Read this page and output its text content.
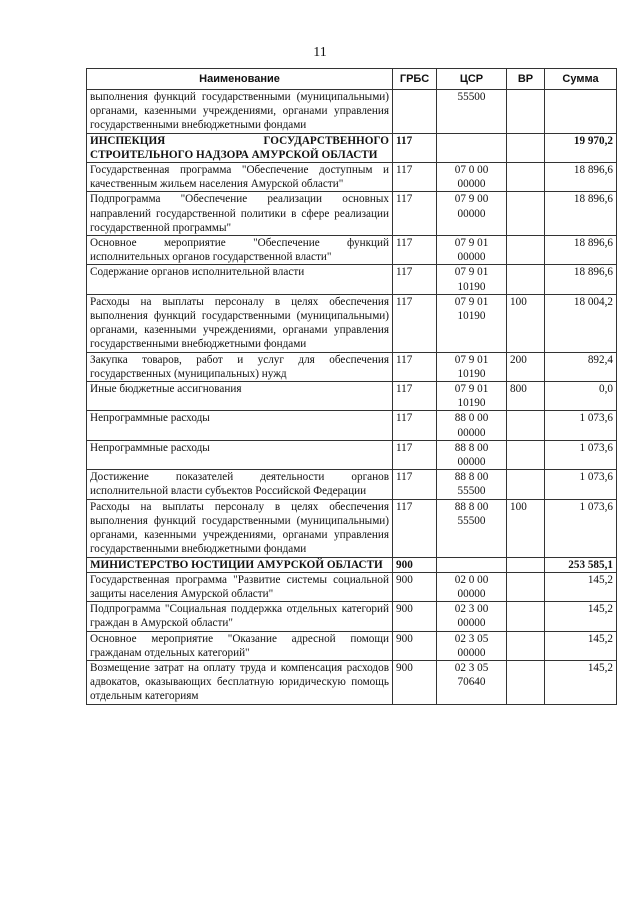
11
Наименование	ГРБС	ЦСР	ВР	Сумма
выполнения функций государственными (муниципальными) органами, казенными учреждениями, органами управления государственными внебюджетными фондами		55500		
ИНСПЕКЦИЯ ГОСУДАРСТВЕННОГО СТРОИТЕЛЬНОГО НАДЗОРА АМУРСКОЙ ОБЛАСТИ	117			19 970,2
Государственная программа "Обеспечение доступным и качественным жильем населения Амурской области"	117	07 0 00 00000		18 896,6
Подпрограмма "Обеспечение реализации основных направлений государственной политики в сфере реализации государственной программы"	117	07 9 00 00000		18 896,6
Основное мероприятие "Обеспечение функций исполнительных органов государственной власти"	117	07 9 01 00000		18 896,6
Содержание органов исполнительной власти	117	07 9 01 10190		18 896,6
Расходы на выплаты персоналу в целях обеспечения выполнения функций государственными (муниципальными) органами, казенными учреждениями, органами управления государственными внебюджетными фондами	117	07 9 01 10190	100	18 004,2
Закупка товаров, работ и услуг для обеспечения государственных (муниципальных) нужд	117	07 9 01 10190	200	892,4
Иные бюджетные ассигнования	117	07 9 01 10190	800	0,0
Непрограммные расходы	117	88 0 00 00000		1 073,6
Непрограммные расходы	117	88 8 00 00000		1 073,6
Достижение показателей деятельности органов исполнительной власти субъектов Российской Федерации	117	88 8 00 55500		1 073,6
Расходы на выплаты персоналу в целях обеспечения выполнения функций государственными (муниципальными) органами, казенными учреждениями, органами управления государственными внебюджетными фондами	117	88 8 00 55500	100	1 073,6
МИНИСТЕРСТВО ЮСТИЦИИ АМУРСКОЙ ОБЛАСТИ	900			253 585,1
Государственная программа "Развитие системы социальной защиты населения Амурской области"	900	02 0 00 00000		145,2
Подпрограмма "Социальная поддержка отдельных категорий граждан в Амурской области"	900	02 3 00 00000		145,2
Основное мероприятие "Оказание адресной помощи гражданам отдельных категорий"	900	02 3 05 00000		145,2
Возмещение затрат на оплату труда и компенсация расходов адвокатов, оказывающих бесплатную юридическую помощь отдельным категориям	900	02 3 05 70640		145,2
